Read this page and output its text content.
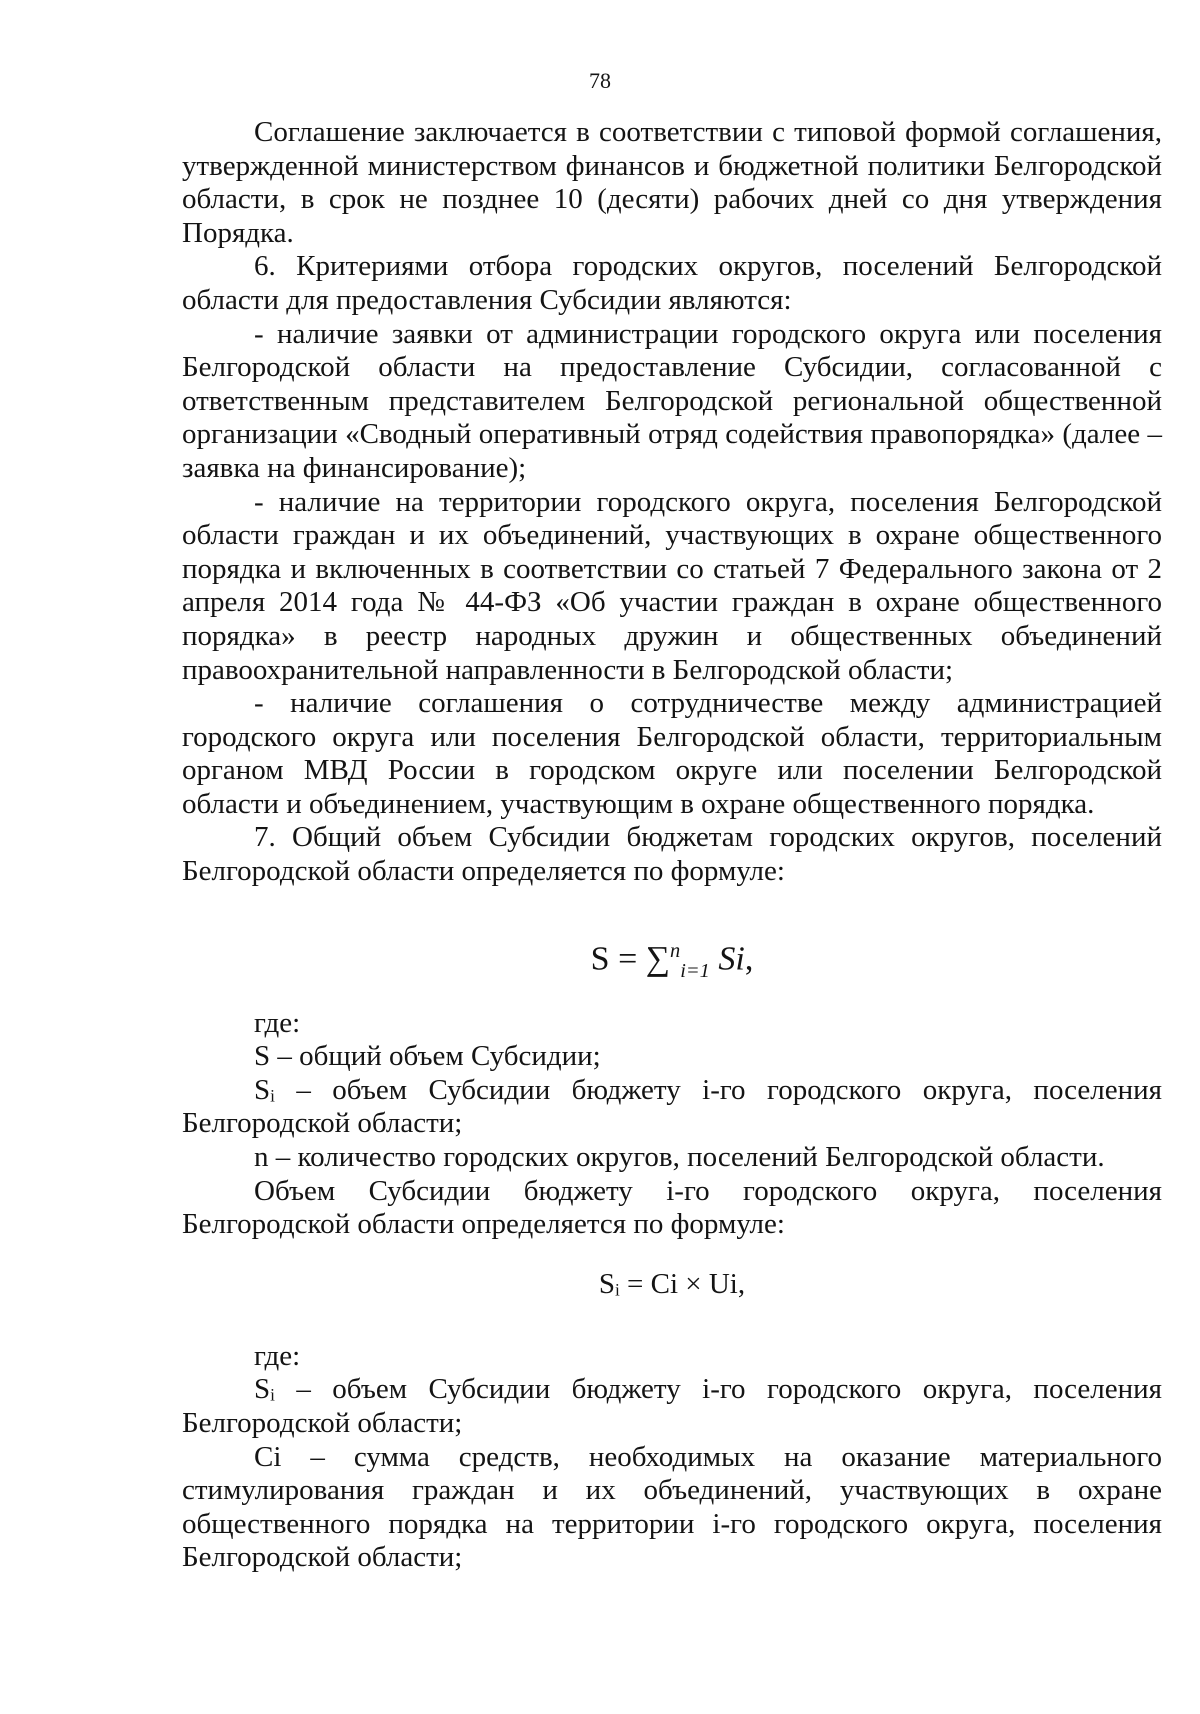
78

Соглашение заключается в соответствии с типовой формой соглашения, утвержденной министерством финансов и бюджетной политики Белгородской области, в срок не позднее 10 (десяти) рабочих дней со дня утверждения Порядка.

6. Критериями отбора городских округов, поселений Белгородской области для предоставления Субсидии являются:

- наличие заявки от администрации городского округа или поселения Белгородской области на предоставление Субсидии, согласованной с ответственным представителем Белгородской региональной общественной организации «Сводный оперативный отряд содействия правопорядка» (далее – заявка на финансирование);

- наличие на территории городского округа, поселения Белгородской области граждан и их объединений, участвующих в охране общественного порядка и включенных в соответствии со статьей 7 Федерального закона от 2 апреля 2014 года № 44-ФЗ «Об участии граждан в охране общественного порядка» в реестр народных дружин и общественных объединений правоохранительной направленности в Белгородской области;

- наличие соглашения о сотрудничестве между администрацией городского округа или поселения Белгородской области, территориальным органом МВД России в городском округе или поселении Белгородской области и объединением, участвующим в охране общественного порядка.

7. Общий объем Субсидии бюджетам городских округов, поселений Белгородской области определяется по формуле:

S = ∑$^n_{i=1}$ Si,

где:

S – общий объем Субсидии;

Sᵢ – объем Субсидии бюджету i-го городского округа, поселения Белгородской области;

n – количество городских округов, поселений Белгородской области.

Объем Субсидии бюджету i-го городского округа, поселения Белгородской области определяется по формуле:

Sᵢ = Ci × Ui,

где:

Sᵢ – объем Субсидии бюджету i-го городского округа, поселения Белгородской области;

Ci – сумма средств, необходимых на оказание материального стимулирования граждан и их объединений, участвующих в охране общественного порядка на территории i-го городского округа, поселения Белгородской области;
